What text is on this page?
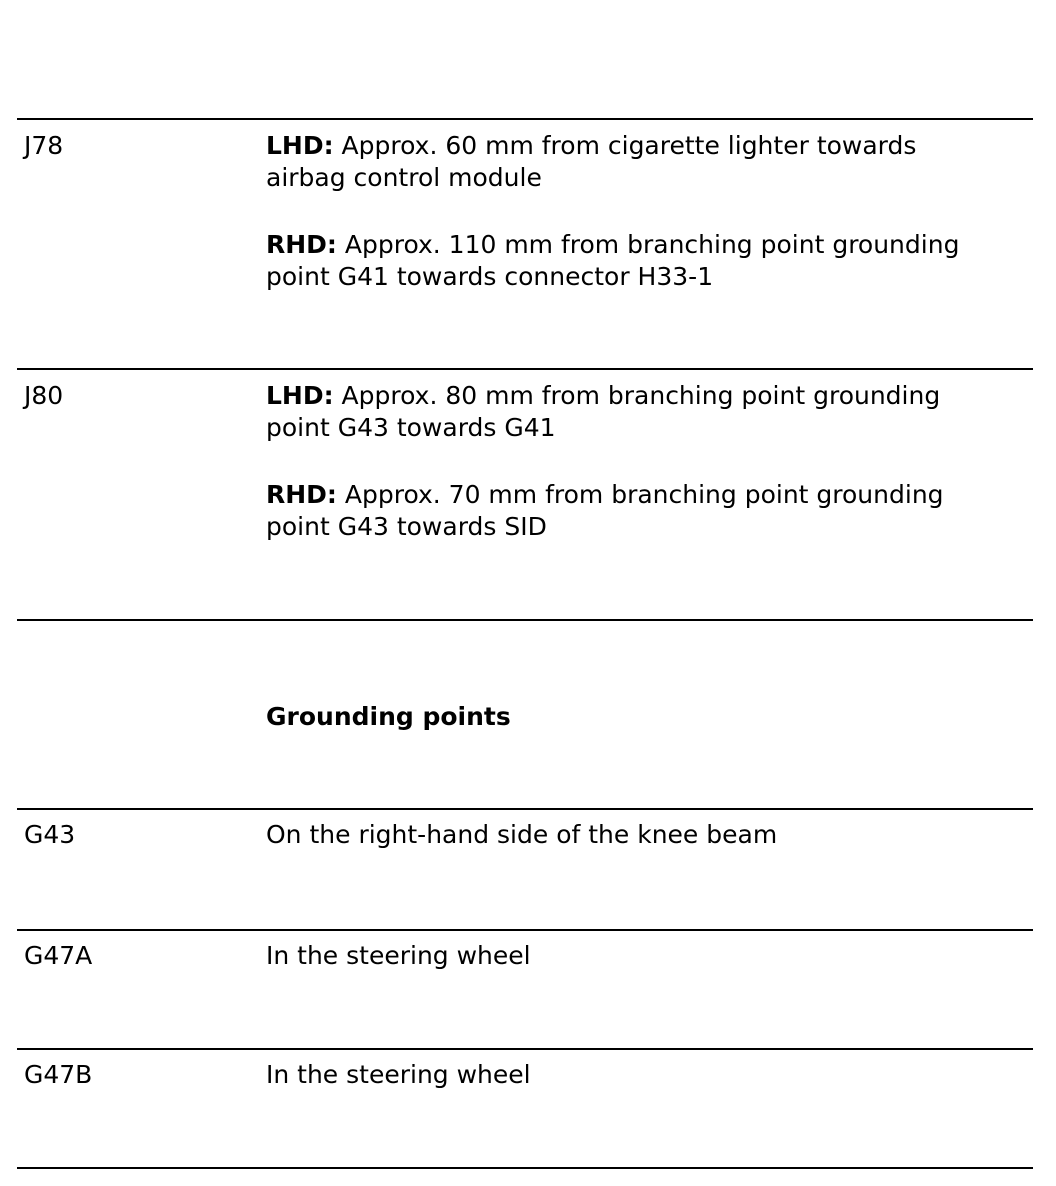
J78	LHD: Approx. 60 mm from cigarette lighter towards
airbag control module
RHD: Approx. 110 mm from branching point grounding
point G41 towards connector H33-1
J80	LHD: Approx. 80 mm from branching point grounding
point G43 towards G41
RHD: Approx. 70 mm from branching point grounding
point G43 towards SID
Grounding points
G43	On the right-hand side of the knee beam
G47A	In the steering wheel
G47B	In the steering wheel
